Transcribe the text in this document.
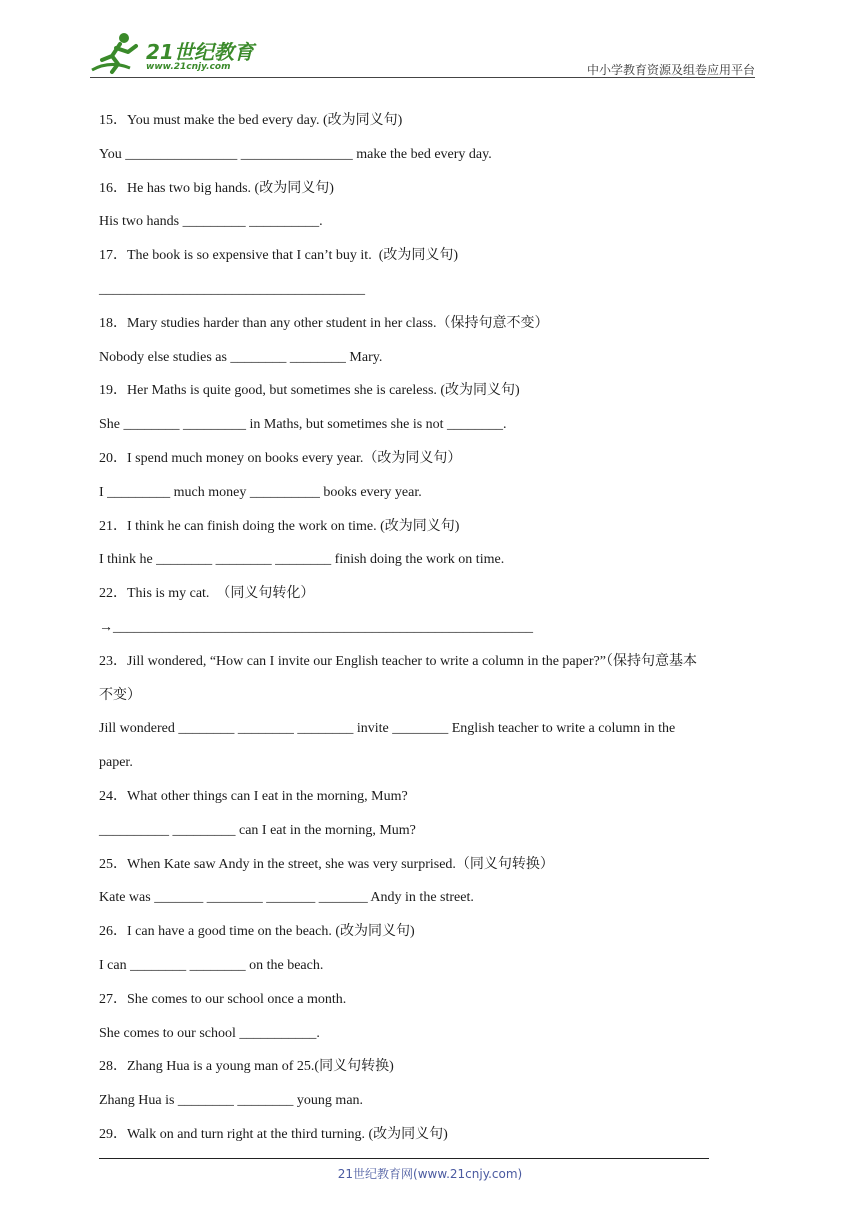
21世纪教育
www.21cnjy.com	中小学教育资源及组卷应用平台
15．You must make the bed every day. (改为同义句)
You ________________ ________________ make the bed every day.
16．He has two big hands. (改为同义句)
His two hands _________ __________.
17．The book is so expensive that I can’t buy it.  (改为同义句)
______________________________________
18．Mary studies harder than any other student in her class.（保持句意不变）
Nobody else studies as ________ ________ Mary.
19．Her Maths is quite good, but sometimes she is careless. (改为同义句)
She ________ _________ in Maths, but sometimes she is not ________.
20．I spend much money on books every year.（改为同义句）
I _________ much money __________ books every year.
21．I think he can finish doing the work on time. (改为同义句)
I think he ________ ________ ________ finish doing the work on time.
22．This is my cat.  （同义句转化）
→____________________________________________________________
23．Jill wondered, “How can I invite our English teacher to write a column in the paper?”（保持句意基本
不变）
Jill wondered ________ ________ ________ invite ________ English teacher to write a column in the
paper.
24．What other things can I eat in the morning, Mum?
__________ _________ can I eat in the morning, Mum?
25．When Kate saw Andy in the street, she was very surprised.（同义句转换）
Kate was _______ ________ _______ _______ Andy in the street.
26．I can have a good time on the beach. (改为同义句)
I can ________ ________ on the beach.
27．She comes to our school once a month.
She comes to our school ___________.
28．Zhang Hua is a young man of 25.(同义句转换)
Zhang Hua is ________ ________ young man.
29．Walk on and turn right at the third turning. (改为同义句)
21世纪教育网(www.21cnjy.com)
